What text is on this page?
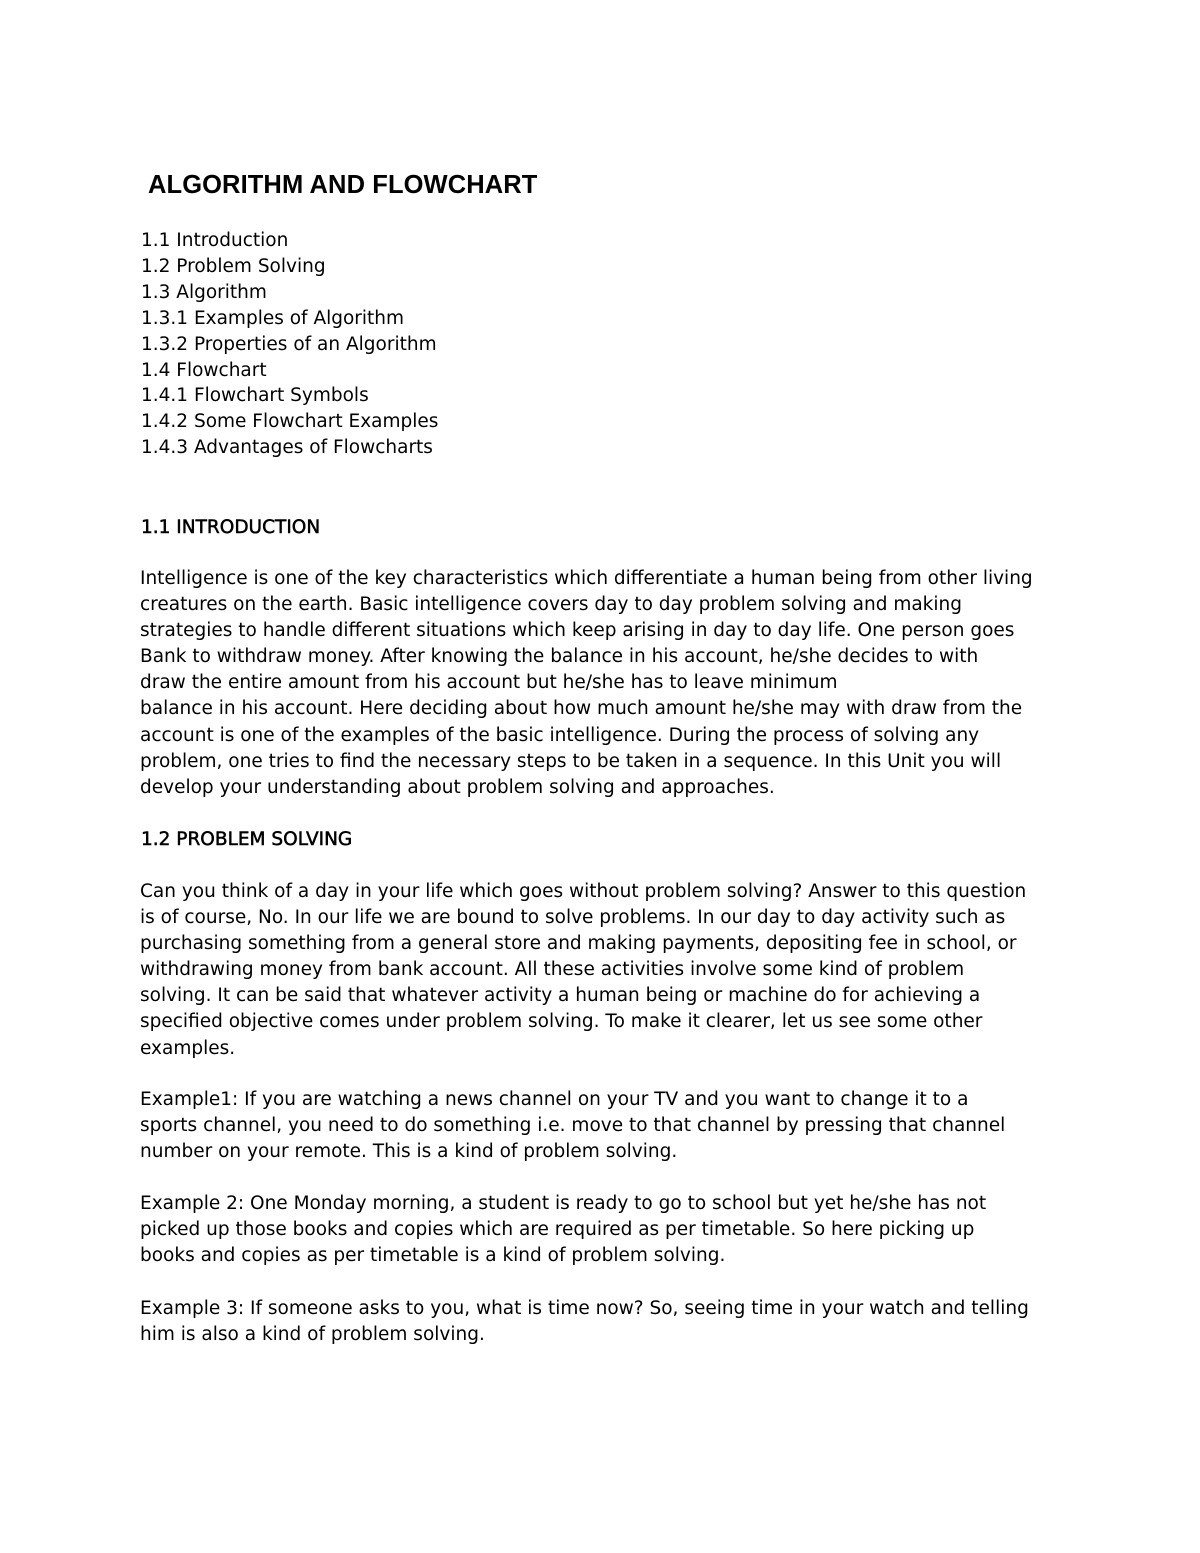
ALGORITHM AND FLOWCHART
1.1 Introduction
1.2 Problem Solving
1.3 Algorithm
1.3.1 Examples of Algorithm
1.3.2 Properties of an Algorithm
1.4 Flowchart
1.4.1 Flowchart Symbols
1.4.2 Some Flowchart Examples
1.4.3 Advantages of Flowcharts
1.1 INTRODUCTION

Intelligence is one of the key characteristics which differentiate a human being from other living
creatures on the earth. Basic intelligence covers day to day problem solving and making
strategies to handle different situations which keep arising in day to day life. One person goes
Bank to withdraw money. After knowing the balance in his account, he/she decides to with
draw the entire amount from his account but he/she has to leave minimum
balance in his account. Here deciding about how much amount he/she may with draw from the
account is one of the examples of the basic intelligence. During the process of solving any
problem, one tries to find the necessary steps to be taken in a sequence. In this Unit you will
develop your understanding about problem solving and approaches.

1.2 PROBLEM SOLVING

Can you think of a day in your life which goes without problem solving? Answer to this question
is of course, No. In our life we are bound to solve problems. In our day to day activity such as
purchasing something from a general store and making payments, depositing fee in school, or
withdrawing money from bank account. All these activities involve some kind of problem
solving. It can be said that whatever activity a human being or machine do for achieving a
specified objective comes under problem solving. To make it clearer, let us see some other
examples.

Example1: If you are watching a news channel on your TV and you want to change it to a
sports channel, you need to do something i.e. move to that channel by pressing that channel
number on your remote. This is a kind of problem solving.

Example 2: One Monday morning, a student is ready to go to school but yet he/she has not
picked up those books and copies which are required as per timetable. So here picking up
books and copies as per timetable is a kind of problem solving.

Example 3: If someone asks to you, what is time now? So, seeing time in your watch and telling
him is also a kind of problem solving.
